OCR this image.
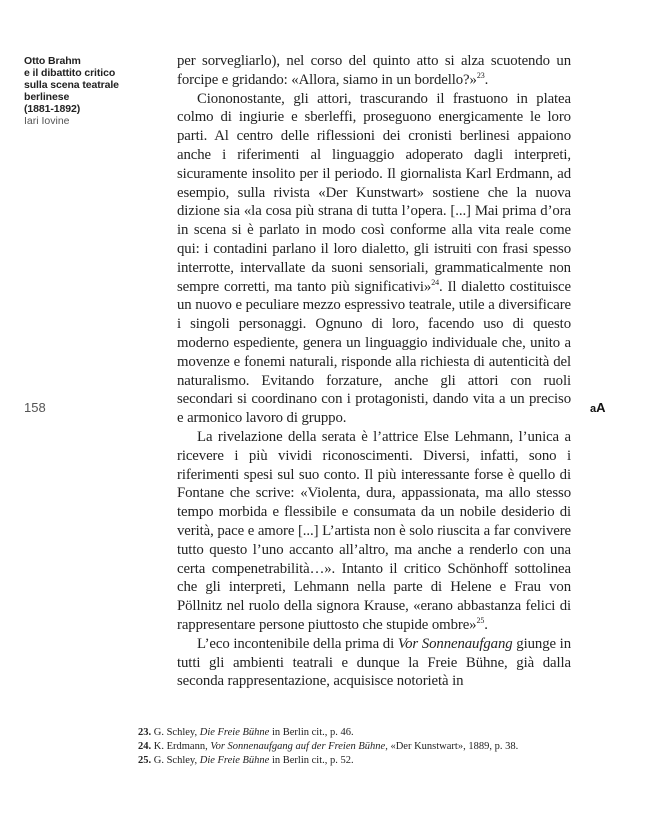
Otto Brahm
e il dibattito critico
sulla scena teatrale
berlinese
(1881-1892)
Iari Iovine
158	aA

per sorvegliarlo), nel corso del quinto atto si alza scuotendo un forcipe e gridando: «Allora, siamo in un bordello?»$^{23}$.

Ciononostante, gli attori, trascurando il frastuono in platea colmo di ingiurie e sberleffi, proseguono energicamente le loro parti. Al centro delle riflessioni dei cronisti berlinesi appaiono anche i riferimenti al linguaggio adoperato dagli interpreti, sicuramente insolito per il periodo. Il giornalista Karl Erdmann, ad esempio, sulla rivista «Der Kunstwart» sostiene che la nuova dizione sia «la cosa più strana di tutta l’opera. [...] Mai prima d’ora in scena si è parlato in modo così conforme alla vita reale come qui: i contadini parlano il loro dialetto, gli istruiti con frasi spesso interrotte, intervallate da suoni sensoriali, grammaticalmente non sempre corretti, ma tanto più significativi»$^{24}$. Il dialetto costituisce un nuovo e peculiare mezzo espressivo teatrale, utile a diversificare i singoli personaggi. Ognuno di loro, facendo uso di questo moderno espediente, genera un linguaggio individuale che, unito a movenze e fonemi naturali, risponde alla richiesta di autenticità del naturalismo. Evitando forzature, anche gli attori con ruoli secondari si coordinano con i protagonisti, dando vita a un preciso e armonico lavoro di gruppo.

La rivelazione della serata è l’attrice Else Lehmann, l’unica a ricevere i più vividi riconoscimenti. Diversi, infatti, sono i riferimenti spesi sul suo conto. Il più interessante forse è quello di Fontane che scrive: «Violenta, dura, appassionata, ma allo stesso tempo morbida e flessibile e consumata da un nobile desiderio di verità, pace e amore [...] L’artista non è solo riuscita a far convivere tutto questo l’uno accanto all’altro, ma anche a renderlo con una certa compenetrabilità…». Intanto il critico Schönhoff sottolinea che gli interpreti, Lehmann nella parte di Helene e Frau von Pöllnitz nel ruolo della signora Krause, «erano abbastanza felici di rappresentare persone piuttosto che stupide ombre»$^{25}$.

L’eco incontenibile della prima di Vor Sonnenaufgang giunge in tutti gli ambienti teatrali e dunque la Freie Bühne, già dalla seconda rappresentazione, acquisisce notorietà in

23. G. Schley, Die Freie Bühne in Berlin cit., p. 46.

24. K. Erdmann, Vor Sonnenaufgang auf der Freien Bühne, «Der Kunstwart», 1889, p. 38.

25. G. Schley, Die Freie Bühne in Berlin cit., p. 52.
